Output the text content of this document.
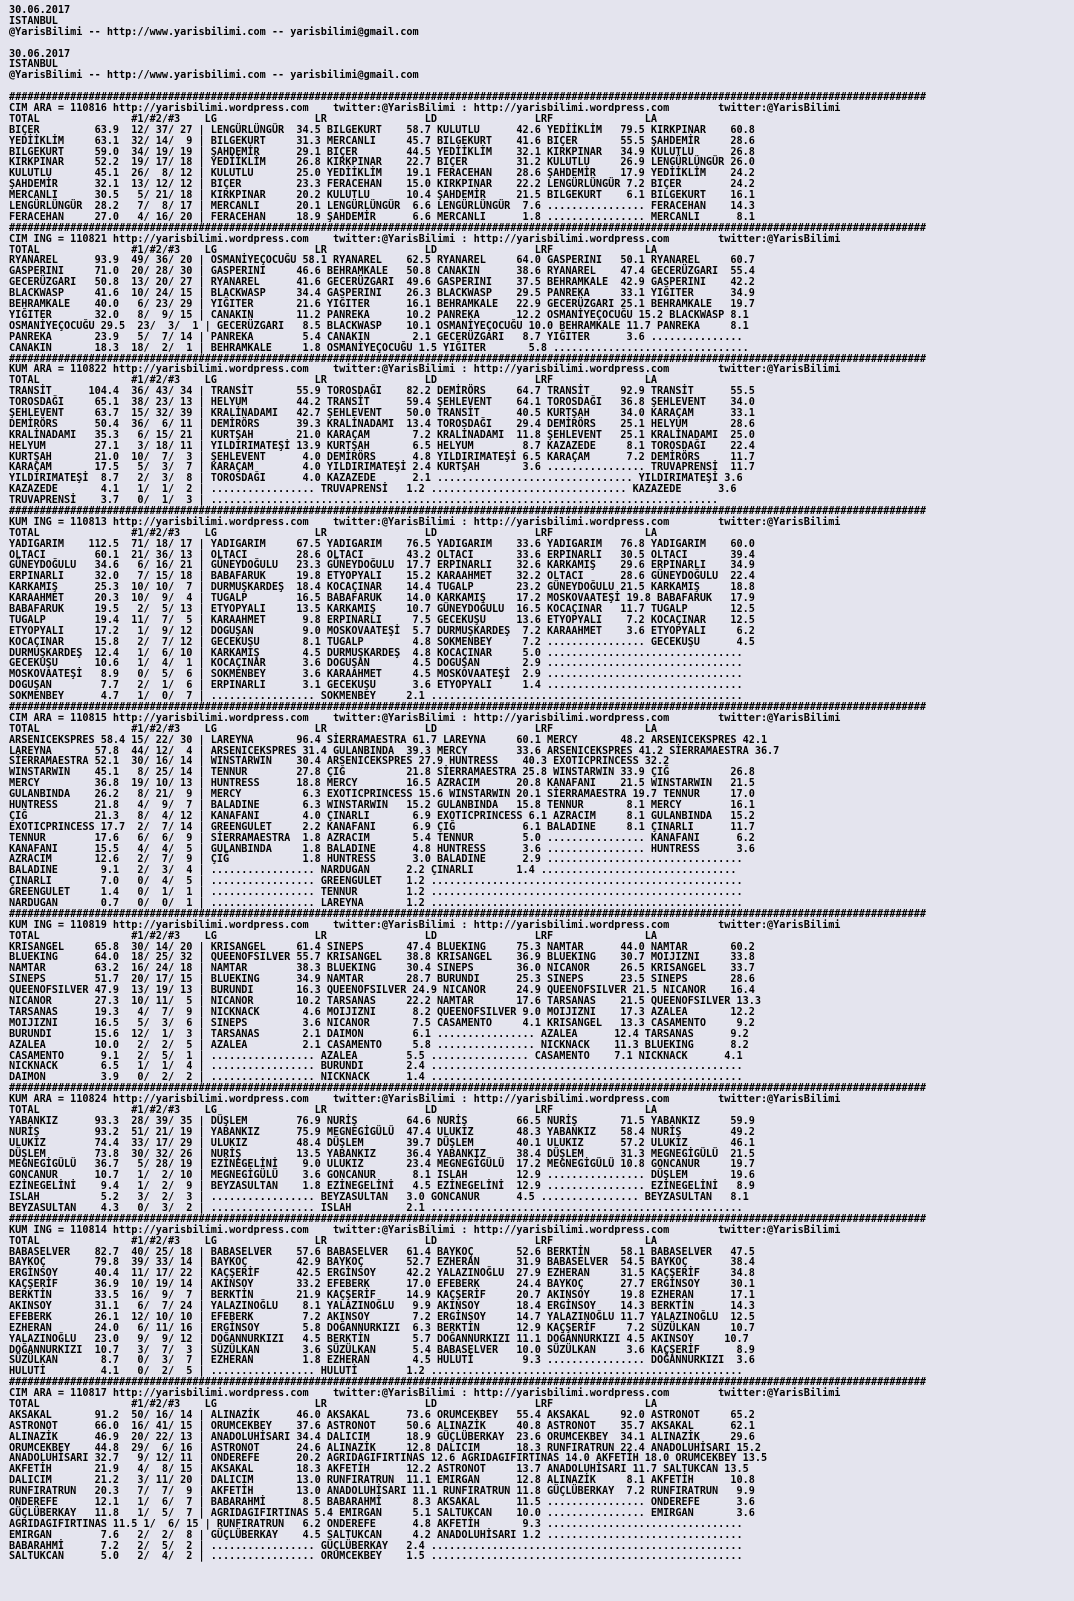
30.06.2017
ISTANBUL
@YarisBilimi -- http://www.yarisbilimi.com -- yarisbilimi@gmail.com
30.06.2017
ISTANBUL
@YarisBilimi -- http://www.yarisbilimi.com -- yarisbilimi@gmail.com
######################################################################################################################################################
CIM ARA = 110816 http://yarisbilimi.wordpress.com    twitter:@YarisBilimi : http://yarisbilimi.wordpress.com        twitter:@YarisBilimi
TOTAL               #1/#2/#3    LG                LR                LD                LRF               LA
BIÇER         63.9  12/ 37/ 27 | LENGÜRLÜNGÜR  34.5 BILGEKURT    58.7 KULUTLU      42.6 YEDİİKLİM   79.5 KIRKPINAR    60.8
YEDİİKLİM     63.1  32/ 14/  9 | BILGEKURT     31.3 MERCANLI     45.7 BILGEKURT    41.6 BIÇER       55.5 ŞAHDEMİR     28.6
BILGEKURT     59.0  34/ 19/ 19 | ŞAHDEMİR      29.1 BIÇER        44.5 YEDİİKLİM    32.1 KIRKPINAR   34.9 KULUTLU      26.8
KIRKPINAR     52.2  19/ 17/ 18 | YEDİİKLİM     26.8 KIRKPINAR    22.7 BIÇER        31.2 KULUTLU     26.9 LENGÜRLÜNGÜR 26.0
KULUTLU       45.1  26/  8/ 12 | KULUTLU       25.0 YEDİİKLİM    19.1 FERACEHAN    28.6 ŞAHDEMİR    17.9 YEDİİKLİM    24.2
ŞAHDEMİR      32.1  13/ 12/ 12 | BIÇER         23.3 FERACEHAN    15.0 KIRKPINAR    22.2 LENGÜRLÜNGÜR 7.2 BIÇER        24.2
MERCANLI      30.5   5/ 21/ 18 | KIRKPINAR     20.2 KULUTLU      10.4 ŞAHDEMİR     21.5 BILGEKURT    6.1 BILGEKURT    16.1
LENGÜRLÜNGÜR  28.2   7/  8/ 17 | MERCANLI      20.1 LENGÜRLÜNGÜR  6.6 LENGÜRLÜNGÜR  7.6 ................ FERACEHAN    14.3
FERACEHAN     27.0   4/ 16/ 20 | FERACEHAN     18.9 ŞAHDEMİR      6.6 MERCANLI      1.8 ................ MERCANLI      8.1
######################################################################################################################################################
CIM ING = 110821 http://yarisbilimi.wordpress.com    twitter:@YarisBilimi : http://yarisbilimi.wordpress.com        twitter:@YarisBilimi
TOTAL               #1/#2/#3    LG                LR                LD                LRF               LA
RYANAREL      93.9  49/ 36/ 20 | OSMANİYEÇOCUĞU 58.1 RYANAREL    62.5 RYANAREL     64.0 GASPERINI   50.1 RYANAREL     60.7
GASPERINI     71.0  20/ 28/ 30 | GASPERINI     46.6 BEHRAMKALE   50.8 CANAKIN      38.6 RYANAREL    47.4 GECERÜZGARI  55.4
GECERÜZGARI   50.8  13/ 20/ 27 | RYANAREL      41.6 GECERÜZGARI  49.6 GASPERINI    37.5 BEHRAMKALE  42.9 GASPERINI    42.2
BLACKWASP     41.6  10/ 24/ 15 | BLACKWASP     34.4 GASPERINI    26.3 BLACKWASP    29.5 PANREKA     33.1 YIĞITER      34.9
BEHRAMKALE    40.0   6/ 23/ 29 | YIĞITER       21.6 YIĞITER      16.1 BEHRAMKALE   22.9 GECERÜZGARI 25.1 BEHRAMKALE   19.7
YIĞITER       32.0   8/  9/ 15 | CANAKIN       11.2 PANREKA      10.2 PANREKA      12.2 OSMANİYEÇOCUĞU 15.2 BLACKWASP 8.1
OSMANİYEÇOCUĞU 29.5  23/  3/  1 | GECERÜZGARI   8.5 BLACKWASP    10.1 OSMANİYEÇOCUĞU 10.0 BEHRAMKALE 11.7 PANREKA     8.1
PANREKA       23.9   5/  7/ 14 | PANREKA        5.4 CANAKIN       2.1 GECERÜZGARI   8.7 YIĞITER      3.6 ...............
CANAKIN       18.3  18/  2/  1 | BEHRAMKALE     1.8 OSMANİYEÇOCUĞU 1.5 YIĞITER       5.8 ................................
######################################################################################################################################################
KUM ARA = 110822 http://yarisbilimi.wordpress.com    twitter:@YarisBilimi : http://yarisbilimi.wordpress.com        twitter:@YarisBilimi
TOTAL               #1/#2/#3    LG                LR                LD                LRF               LA
TRANSİT      104.4  36/ 43/ 34 | TRANSİT       55.9 TOROSDAĞI    82.2 DEMİRÖRS     64.7 TRANSİT     92.9 TRANSİT      55.5
TOROSDAĞI     65.1  38/ 23/ 13 | HELYUM        44.2 TRANSİT      59.4 ŞEHLEVENT    64.1 TOROSDAĞI   36.8 ŞEHLEVENT    34.0
ŞEHLEVENT     63.7  15/ 32/ 39 | KRALİNADAMI   42.7 ŞEHLEVENT    50.0 TRANSİT      40.5 KURTŞAH     34.0 KARAÇAM      33.1
DEMİRÖRS      50.4  36/  6/ 11 | DEMİRÖRS      39.3 KRALİNADAMI  13.4 TOROSDAĞI    29.4 DEMİRÖRS    25.1 HELYUM       28.6
KRALİNADAMI   35.3   6/ 15/ 21 | KURTŞAH       21.0 KARAÇAM       7.2 KRALİNADAMI  11.8 ŞEHLEVENT   25.1 KRALİNADAMI  25.0
HELYUM        27.1   3/ 18/ 11 | YILDIRIMATEŞİ 13.9 KURTŞAH       6.5 HELYUM        8.7 KAZAZEDE     8.1 TOROSDAĞI    22.4
KURTŞAH       21.0  10/  7/  3 | ŞEHLEVENT      4.0 DEMİRÖRS      4.8 YILDIRIMATEŞİ 6.5 KARAÇAM      7.2 DEMİRÖRS     11.7
KARAÇAM       17.5   5/  3/  7 | KARAÇAM        4.0 YILDIRIMATEŞİ 2.4 KURTŞAH       3.6 ................ TRUVAPRENSİ  11.7
YILDIRIMATEŞİ  8.7   2/  3/  8 | TOROSDAĞI      4.0 KAZAZEDE      2.1 ................................ YILDIRIMATEŞİ 3.6
KAZAZEDE       4.1   1/  1/  2 | ................. TRUVAPRENSİ   1.2 ................................ KAZAZEDE      3.6
TRUVAPRENSİ    3.7   0/  1/  3 | ...................................................................................
######################################################################################################################################################
KUM ING = 110813 http://yarisbilimi.wordpress.com    twitter:@YarisBilimi : http://yarisbilimi.wordpress.com        twitter:@YarisBilimi
TOTAL               #1/#2/#3    LG                LR                LD                LRF               LA
YADIGARIM    112.5  71/ 18/ 17 | YADIGARIM     67.5 YADIGARIM    76.5 YADIGARIM    33.6 YADIGARIM   76.8 YADIGARIM    60.0
OLTACI        60.1  21/ 36/ 13 | OLTACI        28.6 OLTACI       43.2 OLTACI       33.6 ERPINARLI   30.5 OLTACI       39.4
GÜNEYDOĞULU   34.6   6/ 16/ 21 | GÜNEYDOĞULU   23.3 GÜNEYDOĞULU  17.7 ERPINARLI    32.6 KARKAMIŞ    29.6 ERPINARLI    34.9
ERPINARLI     32.0   7/ 15/ 18 | BABAFARUK     19.8 ETYOPYALI    15.2 KARAAHMET    32.2 OLTACI      28.6 GÜNEYDOĞULU  22.4
KARKAMIŞ      25.3  10/ 10/  7 | DURMUŞKARDEŞ  18.4 KOCAÇINAR    14.4 TUGALP       23.2 GÜNEYDOĞULU 21.5 KARKAMIŞ     18.8
KARAAHMET     20.3  10/  9/  4 | TUGALP        16.5 BABAFARUK    14.0 KARKAMIŞ     17.2 MOSKOVAATEŞİ 19.8 BABAFARUK   17.9
BABAFARUK     19.5   2/  5/ 13 | ETYOPYALI     13.5 KARKAMIŞ     10.7 GÜNEYDOĞULU  16.5 KOCAÇINAR   11.7 TUGALP       12.5
TUGALP        19.4  11/  7/  5 | KARAAHMET      9.8 ERPINARLI     7.5 GECEKUŞU     13.6 ETYOPYALI    7.2 KOCAÇINAR    12.5
ETYOPYALI     17.2   1/  9/ 12 | DOGUŞAN        9.0 MOSKOVAATEŞİ  5.7 DURMUŞKARDEŞ  7.2 KARAAHMET    3.6 ETYOPYALI     6.2
KOCAÇINAR     15.8   2/  7/ 12 | GECEKUŞU       8.1 TUGALP        4.8 SOKMENBEY     7.2 ................ GECEKUŞU      4.5
DURMUŞKARDEŞ  12.4   1/  6/ 10 | KARKAMIŞ       4.5 DURMUŞKARDEŞ  4.8 KOCAÇINAR     5.0 ................................
GECEKUŞU      10.6   1/  4/  1 | KOCAÇINAR      3.6 DOGUŞAN       4.5 DOGUŞAN       2.9 ................................
MOSKOVAATEŞİ   8.9   0/  5/  6 | SOKMENBEY      3.6 KARAAHMET     4.5 MOSKOVAATEŞİ  2.9 ................................
DOGUŞAN        7.7   2/  1/  6 | ERPINARLI      3.1 GECEKUŞU      3.6 ETYOPYALI     1.4 ................................
SOKMENBEY      4.7   1/  0/  7 | ................. SOKMENBEY     2.1 ...................................................
######################################################################################################################################################
CIM ARA = 110815 http://yarisbilimi.wordpress.com    twitter:@YarisBilimi : http://yarisbilimi.wordpress.com        twitter:@YarisBilimi
TOTAL               #1/#2/#3    LG                LR                LD                LRF               LA
ARSENICEKSPRES 58.4 15/ 22/ 30 | LAREYNA       96.4 SİERRAMAESTRA 61.7 LAREYNA     60.1 MERCY       48.2 ARSENICEKSPRES 42.1
LAREYNA       57.8  44/ 12/  4 | ARSENICEKSPRES 31.4 GULANBINDA  39.3 MERCY        33.6 ARSENICEKSPRES 41.2 SİERRAMAESTRA 36.7
SİERRAMAESTRA 52.1  30/ 16/ 14 | WINSTARWIN    30.4 ARSENICEKSPRES 27.9 HUNTRESS    40.3 EXOTICPRINCESS 32.2
WINSTARWIN    45.1   8/ 25/ 14 | TENNUR        27.8 ÇIĞ          21.8 SİERRAMAESTRA 25.8 WINSTARWIN 33.9 ÇIĞ          26.8
MERCY         36.8  19/ 10/ 13 | HUNTRESS      18.8 MERCY        16.5 AZRACIM      20.8 KANAFANI    21.5 WINSTARWIN   21.5
GULANBINDA    26.2   8/ 21/  9 | MERCY          6.3 EXOTICPRINCESS 15.6 WINSTARWIN 20.1 SİERRAMAESTRA 19.7 TENNUR     17.0
HUNTRESS      21.8   4/  9/  7 | BALADINE       6.3 WINSTARWIN   15.2 GULANBINDA   15.8 TENNUR       8.1 MERCY        16.1
ÇIĞ           21.3   8/  4/ 12 | KANAFANI       4.0 ÇINARLI       6.9 EXOTICPRINCESS 6.1 AZRACIM     8.1 GULANBINDA   15.2
EXOTICPRINCESS 17.7  2/  7/ 14 | GREENGULET     2.2 KANAFANI      6.9 ÇIĞ           6.1 BALADINE     8.1 ÇINARLI      11.7
TENNUR        17.6   6/  6/  9 | SİERRAMAESTRA  1.8 AZRACIM       5.4 TENNUR        5.0 ................ KANAFANI      6.2
KANAFANI      15.5   4/  4/  5 | GULANBINDA     1.8 BALADINE      4.8 HUNTRESS      3.6 ................ HUNTRESS      3.6
AZRACIM       12.6   2/  7/  9 | ÇIĞ            1.8 HUNTRESS      3.0 BALADINE      2.9 ................................
BALADINE       9.1   2/  3/  4 | ................. NARDUGAN      2.2 ÇINARLI       1.4 ................................
ÇINARLI        7.0   0/  4/  5 | ................. GREENGULET    1.2 ...................................................
GREENGULET     1.4   0/  1/  1 | ................. TENNUR        1.2 ...................................................
NARDUGAN       0.7   0/  0/  1 | ................. LAREYNA       1.2 ...................................................
######################################################################################################################################################
KUM ING = 110819 http://yarisbilimi.wordpress.com    twitter:@YarisBilimi : http://yarisbilimi.wordpress.com        twitter:@YarisBilimi
TOTAL               #1/#2/#3    LG                LR                LD                LRF               LA
KRISANGEL     65.8  30/ 14/ 20 | KRISANGEL     61.4 SINEPS       47.4 BLUEKING     75.3 NAMTAR      44.0 NAMTAR       60.2
BLUEKING      64.0  18/ 25/ 32 | QUEENOFSILVER 55.7 KRISANGEL    38.8 KRISANGEL    36.9 BLUEKING    30.7 MOIJIZNI     33.8
NAMTAR        63.2  16/ 24/ 18 | NAMTAR        38.3 BLUEKING     30.4 SINEPS       36.0 NICANOR     26.5 KRISANGEL    33.7
SINEPS        51.7  20/ 17/ 15 | BLUEKING      34.9 NAMTAR       28.7 BURUNDI      25.3 SINEPS      23.5 SINEPS       28.6
QUEENOFSILVER 47.9  13/ 19/ 13 | BURUNDI       16.3 QUEENOFSILVER 24.9 NICANOR     24.9 QUEENOFSILVER 21.5 NICANOR    16.4
NICANOR       27.3  10/ 11/  5 | NICANOR       10.2 TARSANAS     22.2 NAMTAR       17.6 TARSANAS    21.5 QUEENOFSILVER 13.3
TARSANAS      19.3   4/  7/  9 | NICKNACK       4.6 MOIJIZNI      8.2 QUEENOFSILVER 9.0 MOIJIZNI    17.3 AZALEA       12.2
MOIJIZNI      16.5   5/  3/  6 | SINEPS         3.6 NICANOR       7.5 CASAMENTO     4.1 KRISANGEL   13.3 CASAMENTO     9.2
BURUNDI       15.6  12/  1/  3 | TARSANAS       2.1 DAIMON        6.1 ................ AZALEA      12.4 TARSANAS      9.2
AZALEA        10.0   2/  2/  5 | AZALEA         2.1 CASAMENTO     5.8 ................ NICKNACK    11.3 BLUEKING      8.2
CASAMENTO      9.1   2/  5/  1 | ................. AZALEA        5.5 ................ CASAMENTO    7.1 NICKNACK      4.1
NICKNACK       6.5   1/  1/  4 | ................. BURUNDI       2.4 ...................................................
DAIMON         3.9   0/  2/  2 | ................. NICKNACK      1.4 ...................................................
######################################################################################################################################################
KUM ARA = 110824 http://yarisbilimi.wordpress.com    twitter:@YarisBilimi : http://yarisbilimi.wordpress.com        twitter:@YarisBilimi
TOTAL               #1/#2/#3    LG                LR                LD                LRF               LA
YABANKIZ      93.3  28/ 39/ 35 | DÜŞLEM        76.9 NURİŞ        64.6 NURİŞ        66.5 NURİŞ       71.5 YABANKIZ     59.9
NURİŞ         93.2  51/ 21/ 19 | YABANKIZ      75.9 MEGNEGİGÜLÜ  47.4 ULUKIZ       48.3 YABANKIZ    58.4 NURİŞ        49.2
ULUKIZ        74.4  33/ 17/ 29 | ULUKIZ        48.4 DÜŞLEM       39.7 DÜŞLEM       40.1 ULUKIZ      57.2 ULUKIZ       46.1
DÜŞLEM        73.8  30/ 32/ 26 | NURİŞ         13.5 YABANKIZ     36.4 YABANKIZ     38.4 DÜŞLEM      31.3 MEGNEGİGÜLÜ  21.5
MEGNEGİGÜLÜ   36.7   5/ 28/ 19 | EZİNEGELİNİ    9.0 ULUKIZ       23.4 MEGNEGİGÜLÜ  17.2 MEGNEGİGÜLÜ 10.8 GONCANUR     19.7
GONCANUR      10.7   1/  2/ 10 | MEGNEGİGÜLÜ    3.6 GONCANUR      8.1 ISLAH        12.9 ................ DÜŞLEM       19.6
EZİNEGELİNİ    9.4   1/  2/  9 | BEYZASULTAN    1.8 EZİNEGELİNİ   4.5 EZİNEGELİNİ  12.9 ................ EZİNEGELİNİ   8.9
ISLAH          5.2   3/  2/  3 | ................. BEYZASULTAN   3.0 GONCANUR      4.5 ................ BEYZASULTAN   8.1
BEYZASULTAN    4.3   0/  3/  2 | ................. ISLAH         2.1 ...................................................
######################################################################################################################################################
KUM ING = 110814 http://yarisbilimi.wordpress.com    twitter:@YarisBilimi : http://yarisbilimi.wordpress.com        twitter:@YarisBilimi
TOTAL               #1/#2/#3    LG                LR                LD                LRF               LA
BABASELVER    82.7  40/ 25/ 18 | BABASELVER    57.6 BABASELVER   61.4 BAYKOÇ       52.6 BERKTİN     58.1 BABASELVER   47.5
BAYKOÇ        79.8  39/ 33/ 14 | BAYKOÇ        42.9 BAYKOÇ       52.7 EZHERAN      31.9 BABASELVER  54.5 BAYKOÇ       38.4
ERGİNSOY      40.4  11/ 17/ 22 | KAÇŞERİF      42.5 ERGİNSOY     42.2 YALAZINOĞLU  27.9 EZHERAN     31.5 KAÇŞERİF     34.8
KAÇŞERİF      36.9  10/ 19/ 14 | AKINSOY       33.2 EFEBERK      17.0 EFEBERK      24.4 BAYKOÇ      27.7 ERGİNSOY     30.1
BERKTİN       33.5  16/  9/  7 | BERKTİN       21.9 KAÇŞERİF     14.9 KAÇŞERİF     20.7 AKINSOY     19.8 EZHERAN      17.1
AKINSOY       31.1   6/  7/ 24 | YALAZINOĞLU    8.1 YALAZINOĞLU   9.9 AKINSOY      18.4 ERGİNSOY    14.3 BERKTİN      14.3
EFEBERK       26.1  12/ 10/ 10 | EFEBERK        7.2 AKINSOY       7.2 ERGİNSOY     14.7 YALAZINOĞLU 11.7 YALAZINOĞLU  12.5
EZHERAN       24.0   6/ 11/ 16 | ERGİNSOY       5.8 DOĞANNURKIZI  6.3 BERKTİN      12.9 KAÇŞERİF     7.2 SÜZÜLKAN     10.7
YALAZINOĞLU   23.0   9/  9/ 12 | DOĞANNURKIZI   4.5 BERKTİN       5.7 DOĞANNURKIZI 11.1 DOĞANNURKIZI 4.5 AKINSOY     10.7
DOĞANNURKIZI  10.7   3/  7/  3 | SÜZÜLKAN       3.6 SÜZÜLKAN      5.4 BABASELVER   10.0 SÜZÜLKAN     3.6 KAÇŞERİF      8.9
SÜZÜLKAN       8.7   0/  3/  7 | EZHERAN        1.8 EZHERAN       4.5 HULUTİ        9.3 ................ DOĞANNURKIZI  3.6
HULUTİ         4.1   0/  2/  5 | ................. HULUTİ        1.2 ...................................................
######################################################################################################################################################
CIM ARA = 110817 http://yarisbilimi.wordpress.com    twitter:@YarisBilimi : http://yarisbilimi.wordpress.com        twitter:@YarisBilimi
TOTAL               #1/#2/#3    LG                LR                LD                LRF               LA
AKSAKAL       91.2  50/ 16/ 14 | ALINAZİK      46.0 AKSAKAL      73.6 ORUMCEKBEY   55.4 AKSAKAL     92.0 ASTRONOT     65.2
ASTRONOT      66.0  16/ 41/ 15 | ORUMCEKBEY    37.6 ASTRONOT     50.6 ALINAZİK     40.8 ASTRONOT    35.7 AKSAKAL      62.1
ALINAZİK      46.9  20/ 22/ 13 | ANADOLUHİSARI 34.4 DALICIM      18.9 GÜÇLÜBERKAY  23.6 ORUMCEKBEY  34.1 ALINAZİK     29.6
ORUMCEKBEY    44.8  29/  6/ 16 | ASTRONOT      24.6 ALINAZİK     12.8 DALICIM      18.3 RUNFIRATRUN 22.4 ANADOLUHİSARI 15.2
ANADOLUHİSARI 32.7   9/ 12/ 11 | ONDEREFE      20.2 AGRIDAGIFIRTINAS 12.6 AGRIDAGIFIRTINAS 14.0 AKFETİH 18.0 ORUMCEKBEY 13.5
AKFETİH       21.9   4/  8/ 15 | AKSAKAL       18.3 AKFETİH      12.2 ASTRONOT     13.7 ANADOLUHİSARI 11.7 SALTUKCAN 13.5
DALICIM       21.2   3/ 11/ 20 | DALICIM       13.0 RUNFIRATRUN  11.1 EMIRGAN      12.8 ALINAZİK     8.1 AKFETİH      10.8
RUNFIRATRUN   20.3   7/  7/  9 | AKFETİH       13.0 ANADOLUHİSARI 11.1 RUNFIRATRUN 11.8 GÜÇLÜBERKAY  7.2 RUNFIRATRUN   9.9
ONDEREFE      12.1   1/  6/  7 | BABARAHMİ      8.5 BABARAHMİ     8.3 AKSAKAL      11.5 ................ ONDEREFE      3.6
GÜÇLÜBERKAY   11.8   1/  5/  7 | AGRIDAGIFIRTINAS 5.4 EMIRGAN     5.1 SALTUKCAN    10.0 ................ EMIRGAN       3.6
AGRIDAGIFIRTINAS 11.5 1/  6/ 15 | RUNFIRATRUN   6.2 ONDEREFE      4.8 AKFETİH       9.3 ................................
EMIRGAN        7.6   2/  2/  8 | GÜÇLÜBERKAY    4.5 SALTUKCAN     4.2 ANADOLUHİSARI 1.2 ................................
BABARAHMİ      7.2   2/  5/  2 | ................. GÜÇLÜBERKAY   2.4 ...................................................
SALTUKCAN      5.0   2/  4/  2 | ................. ORUMCEKBEY    1.5 ...................................................
